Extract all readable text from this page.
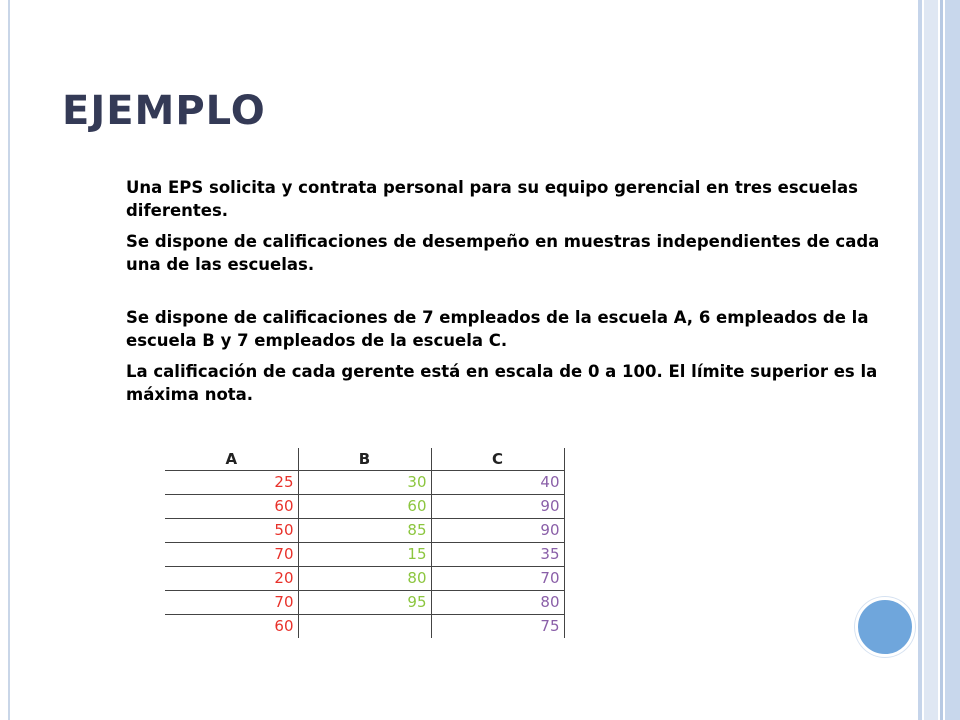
EJEMPLO

Una EPS solicita y contrata personal para su equipo gerencial en tres escuelas diferentes.

Se dispone de calificaciones de desempeño en muestras independientes de cada una de las escuelas.

Se dispone de calificaciones de 7 empleados de la escuela A, 6 empleados de la escuela B y 7 empleados de la escuela C.

La calificación de cada gerente está en escala de 0 a 100. El límite superior es la máxima nota.

A	B	C
25	30	40
60	60	90
50	85	90
70	15	35
20	80	70
70	95	80
60		75
